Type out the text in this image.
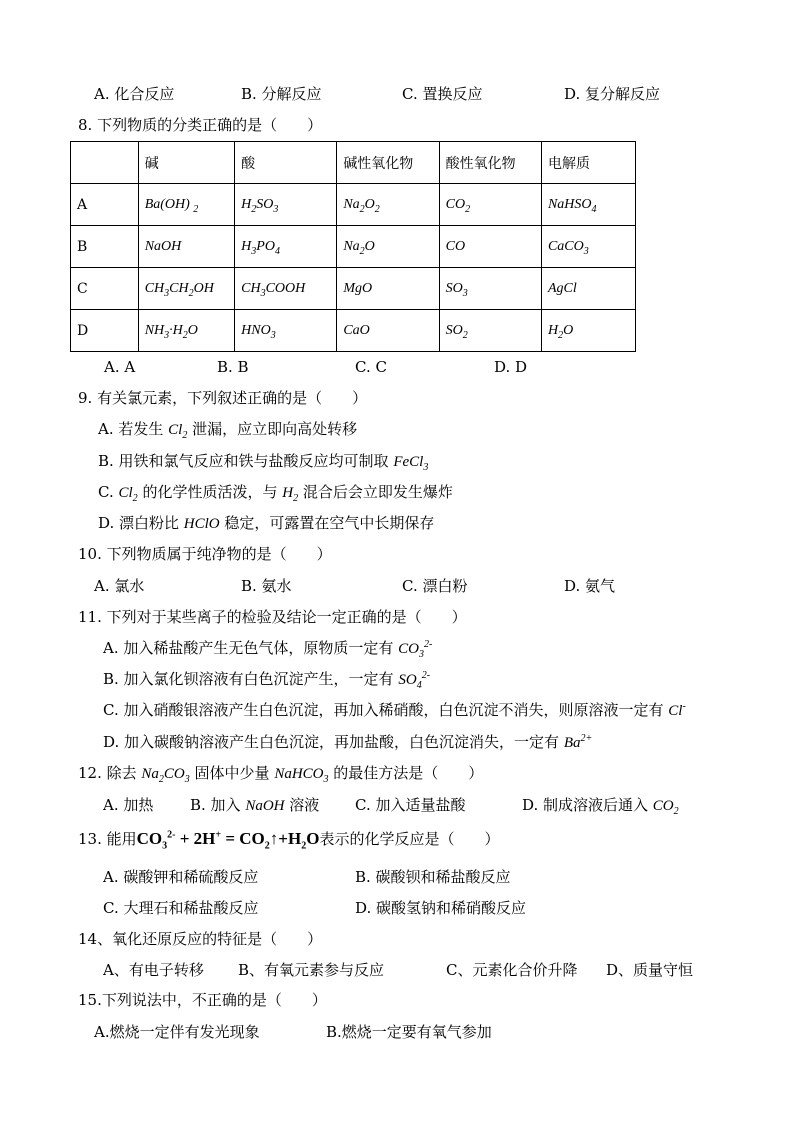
A. 化合反应	B. 分解反应	C. 置换反应	D. 复分解反应
8. 下列物质的分类正确的是（　　）
	碱	酸	碱性氧化物	酸性氧化物	电解质
A	Ba(OH) $_2$	$H_2SO_3$	$Na_2O_2$	$CO_2$	NaHSO$_4$
B	NaOH	$H_3PO_4$	$Na_2O$	CO	CaCO$_3$
C	$CH_3CH_2OH$	$CH_3COOH$	MgO	$SO_3$	AgCl
D	$NH_3\cdot H_2O$	$HNO_3$	CaO	$SO_2$	$H_2O$
A. A	B. B	C. C	D. D
9. 有关氯元素，下列叙述正确的是（　　）
A. 若发生 $Cl_2$ 泄漏，应立即向高处转移
B. 用铁和氯气反应和铁与盐酸反应均可制取 FeCl$_3$
C. $Cl_2$ 的化学性质活泼，与 $H_2$ 混合后会立即发生爆炸
D. 漂白粉比 HClO 稳定，可露置在空气中长期保存
10. 下列物质属于纯净物的是（　　）
A. 氯水	B. 氨水	C. 漂白粉	D. 氨气
11. 下列对于某些离子的检验及结论一定正确的是（　　）
A. 加入稀盐酸产生无色气体，原物质一定有 $CO_3^{2-}$
B. 加入氯化钡溶液有白色沉淀产生，一定有 $SO_4^{2-}$
C. 加入硝酸银溶液产生白色沉淀，再加入稀硝酸，白色沉淀不消失，则原溶液一定有 Cl-
D. 加入碳酸钠溶液产生白色沉淀，再加盐酸，白色沉淀消失，一定有 $Ba^{2+}$
12. 除去 $Na_2CO_3$ 固体中少量 NaHCO$_3$ 的最佳方法是（　　）
A. 加热 B. 加入 NaOH 溶液 C. 加入适量盐酸	D. 制成溶液后通入 $CO_2$
13. 能用$CO_3^{2-} + 2H^+$ = $CO_2↑+H_2O$表示的化学反应是（　　）
A. 碳酸钾和稀硫酸反应	B. 碳酸钡和稀盐酸反应
C. 大理石和稀盐酸反应	D. 碳酸氢钠和稀硝酸反应
14、氧化还原反应的特征是（　　）
A、有电子转移 B、有氧元素参与反应	C、元素化合价升降 D、质量守恒
15.下列说法中，不正确的是（　　）
A.燃烧一定伴有发光现象	B.燃烧一定要有氧气参加
